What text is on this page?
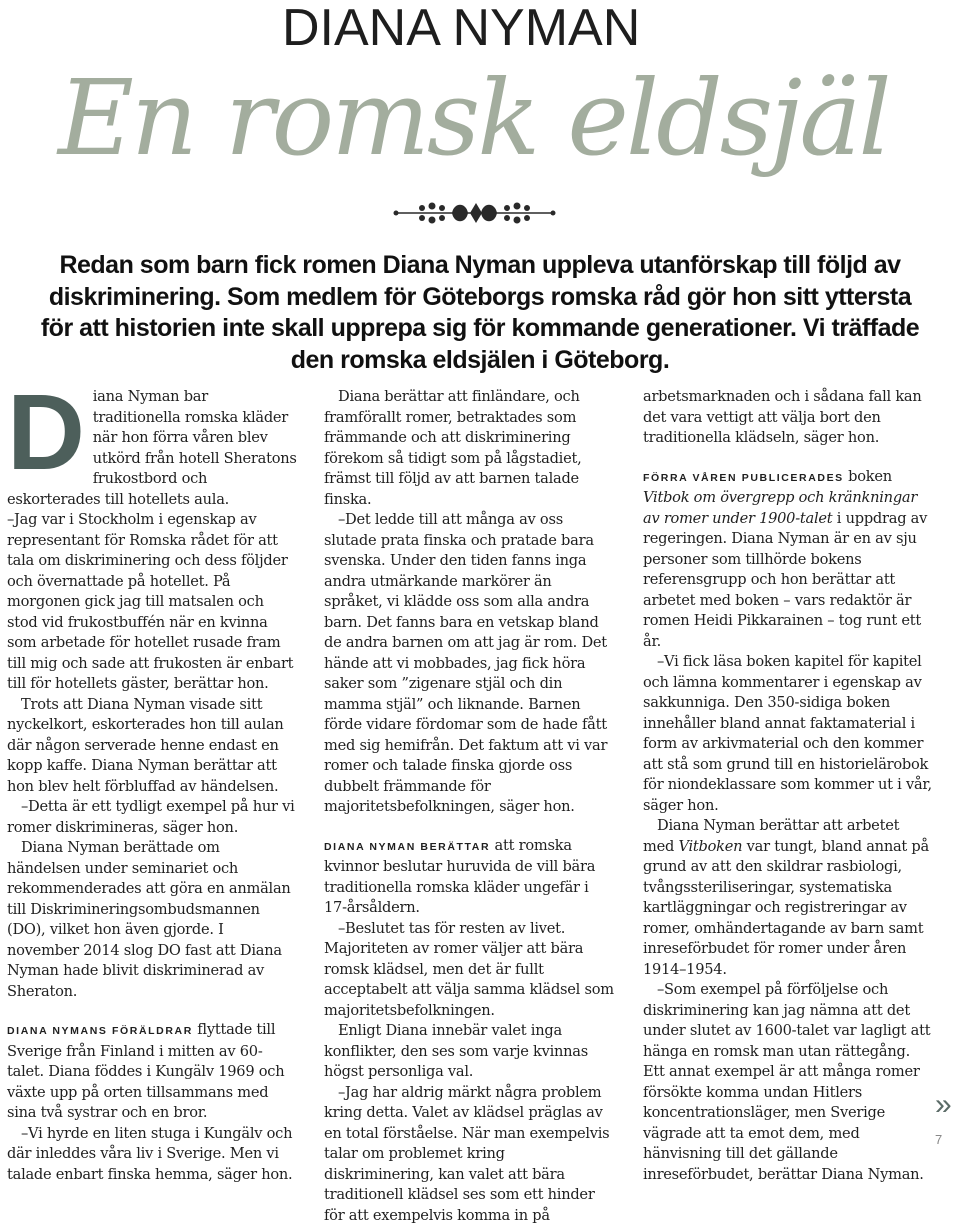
DIANA NYMAN
En romsk eldsjäl
Redan som barn fick romen Diana Nyman uppleva utanförskap till följd av diskriminering. Som medlem för Göteborgs romska råd gör hon sitt yttersta för att historien inte skall upprepa sig för kommande generationer. Vi träffade den romska eldsjälen i Göteborg.

Diana Nyman bar traditionella romska kläder när hon förra våren blev utkörd från hotell Sheratons frukostbord och eskorterades till hotellets aula.

–Jag var i Stockholm i egenskap av representant för Romska rådet för att tala om diskriminering och dess följder och övernattade på hotellet. På morgonen gick jag till matsalen och stod vid frukostbuffén när en kvinna som arbetade för hotellet rusade fram till mig och sade att frukosten är enbart till för hotellets gäster, berättar hon.

Trots att Diana Nyman visade sitt nyckelkort, eskorterades hon till aulan där någon serverade henne endast en kopp kaffe. Diana Nyman berättar att hon blev helt förbluffad av händelsen.

–Detta är ett tydligt exempel på hur vi romer diskrimineras, säger hon.

Diana Nyman berättade om händelsen under seminariet och rekommenderades att göra en anmälan till Diskrimineringsombudsmannen (DO), vilket hon även gjorde. I november 2014 slog DO fast att Diana Nyman hade blivit diskriminerad av Sheraton.

DIANA NYMANS FÖRÄLDRAR flyttade till Sverige från Finland i mitten av 60-talet. Diana föddes i Kungälv 1969 och växte upp på orten tillsammans med sina två systrar och en bror.

–Vi hyrde en liten stuga i Kungälv och där inleddes våra liv i Sverige. Men vi talade enbart finska hemma, säger hon.

Diana berättar att finländare, och framförallt romer, betraktades som främmande och att diskriminering förekom så tidigt som på lågstadiet, främst till följd av att barnen talade finska.

–Det ledde till att många av oss slutade prata finska och pratade bara svenska. Under den tiden fanns inga andra utmärkande markörer än språket, vi klädde oss som alla andra barn. Det fanns bara en vetskap bland de andra barnen om att jag är rom. Det hände att vi mobbades, jag fick höra saker som ”zigenare stjäl och din mamma stjäl” och liknande. Barnen förde vidare fördomar som de hade fått med sig hemifrån. Det faktum att vi var romer och talade finska gjorde oss dubbelt främmande för majoritetsbefolkningen, säger hon.

DIANA NYMAN BERÄTTAR att romska kvinnor beslutar huruvida de vill bära traditionella romska kläder ungefär i 17-årsåldern.

–Beslutet tas för resten av livet. Majoriteten av romer väljer att bära romsk klädsel, men det är fullt acceptabelt att välja samma klädsel som majoritetsbefolkningen.

Enligt Diana innebär valet inga konflikter, den ses som varje kvinnas högst personliga val.

–Jag har aldrig märkt några problem kring detta. Valet av klädsel präglas av en total förståelse. När man exempelvis talar om problemet kring diskriminering, kan valet att bära traditionell klädsel ses som ett hinder för att exempelvis komma in på

arbetsmarknaden och i sådana fall kan det vara vettigt att välja bort den traditionella klädseln, säger hon.

FÖRRA VÅREN PUBLICERADES boken Vitbok om övergrepp och kränkningar av romer under 1900-talet i uppdrag av regeringen. Diana Nyman är en av sju personer som tillhörde bokens referensgrupp och hon berättar att arbetet med boken – vars redaktör är romen Heidi Pikkarainen – tog runt ett år.

–Vi fick läsa boken kapitel för kapitel och lämna kommentarer i egenskap av sakkunniga. Den 350-sidiga boken innehåller bland annat faktamaterial i form av arkivmaterial och den kommer att stå som grund till en historielärobok för niondeklassare som kommer ut i vår, säger hon.

Diana Nyman berättar att arbetet med Vitboken var tungt, bland annat på grund av att den skildrar rasbiologi, tvångssteriliseringar, systematiska kartläggningar och registreringar av romer, omhändertagande av barn samt inreseförbudet för romer under åren 1914–1954.

–Som exempel på förföljelse och diskriminering kan jag nämna att det under slutet av 1600-talet var lagligt att hänga en romsk man utan rättegång. Ett annat exempel är att många romer försökte komma undan Hitlers koncentrationsläger, men Sverige vägrade att ta emot dem, med hänvisning till det gällande inreseförbudet, berättar Diana Nyman.

»
7
